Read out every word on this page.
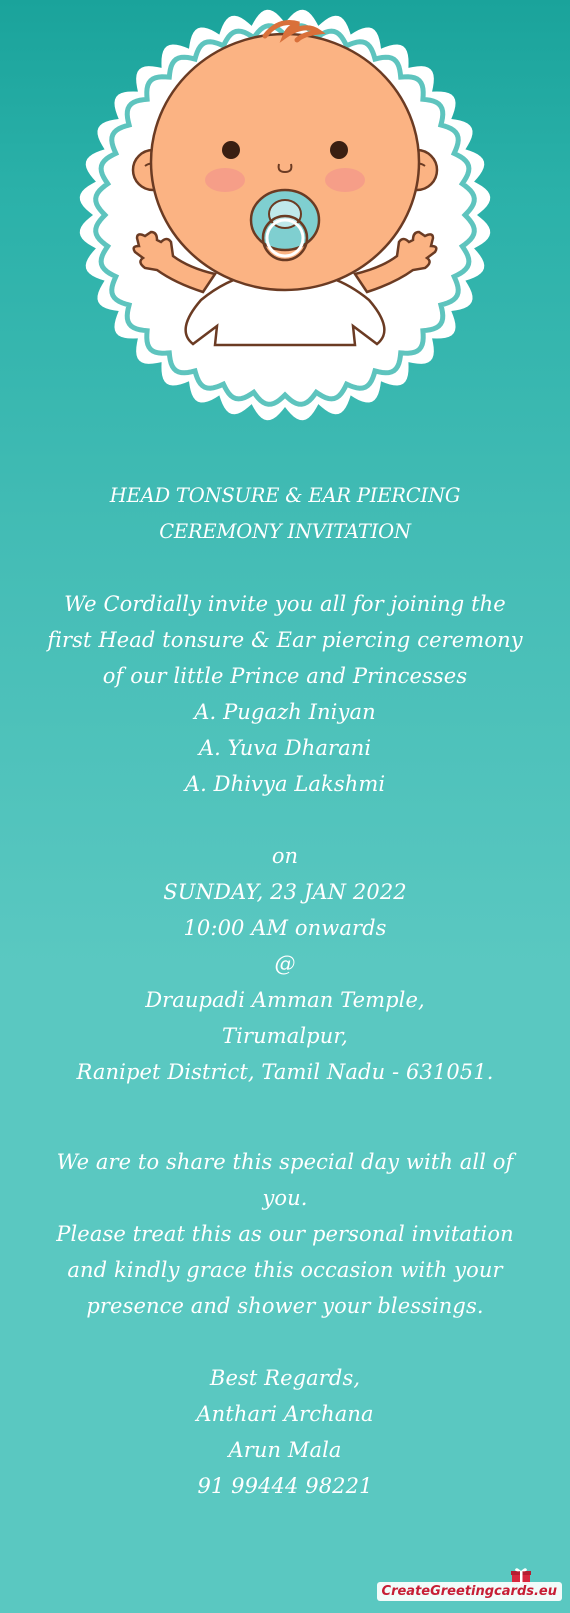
HEAD TONSURE & EAR PIERCING
CEREMONY INVITATION
We Cordially invite you all for joining the
first Head tonsure & Ear piercing ceremony
of our little Prince and Princesses
A. Pugazh Iniyan
A. Yuva Dharani
A. Dhivya Lakshmi
on
SUNDAY, 23 JAN 2022
10:00 AM onwards
@
Draupadi Amman Temple,
Tirumalpur,
Ranipet District, Tamil Nadu - 631051.
We are to share this special day with all of
you.
Please treat this as our personal invitation
and kindly grace this occasion with your
presence and shower your blessings.
Best Regards,
Anthari Archana
Arun Mala
91 99444 98221
CreateGreetingcards.eu
